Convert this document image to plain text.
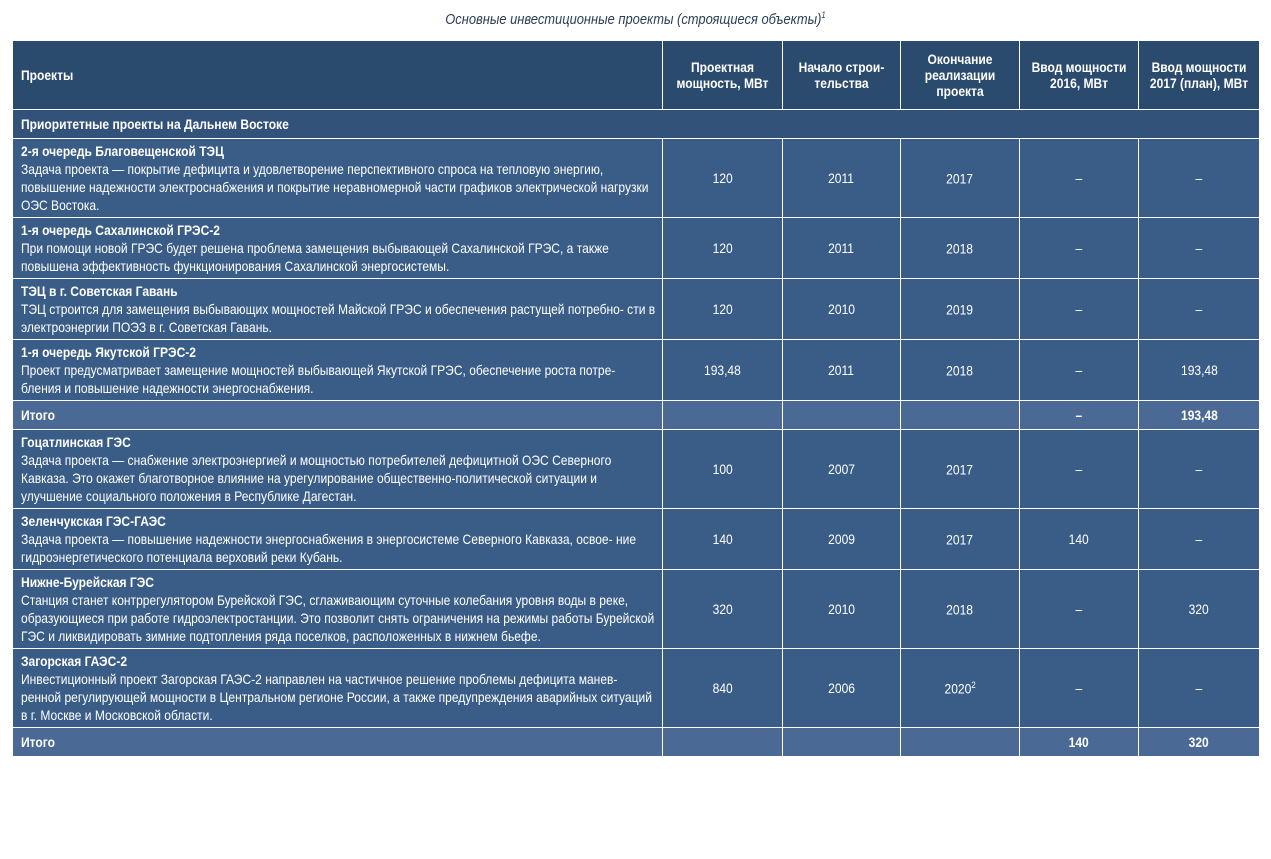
Основные инвестиционные проекты (строящиеся объекты)$^1$
Проекты	Проектная мощность, МВт	Начало строи- тельства	Окончание реализации проекта	Ввод мощности 2016, МВт	Ввод мощности 2017 (план), МВт
Приоритетные проекты на Дальнем Востоке					

2-я очередь Благовещенской ТЭЦ
Задача проекта — покрытие дефицита и удовлетворение перспективного спроса на тепловую энергию, повышение надежности электроснабжения и покрытие неравномерной части графиков электрической нагрузки ОЭС Востока.	120	2011	2017	–	–

1-я очередь Сахалинской ГРЭС-2
При помощи новой ГРЭС будет решена проблема замещения выбывающей Сахалинской ГРЭС, а также повышена эффективность функционирования Сахалинской энергосистемы.	120	2011	2018	–	–

ТЭЦ в г. Советская Гавань
ТЭЦ строится для замещения выбывающих мощностей Майской ГРЭС и обеспечения растущей потребно- сти в электроэнергии ПОЭЗ в г. Советская Гавань.	120	2010	2019	–	–

1-я очередь Якутской ГРЭС-2
Проект предусматривает замещение мощностей выбывающей Якутской ГРЭС, обеспечение роста потре- бления и повышение надежности энергоснабжения.	193,48	2011	2018	–	193,48
Итого				–	193,48

Гоцатлинская ГЭС
Задача проекта — снабжение электроэнергией и мощностью потребителей дефицитной ОЭС Северного Кавказа. Это окажет благотворное влияние на урегулирование общественно-политической ситуации и улучшение социального положения в Республике Дагестан.	100	2007	2017	–	–

Зеленчукская ГЭС-ГАЭС
Задача проекта — повышение надежности энергоснабжения в энергосистеме Северного Кавказа, освое- ние гидроэнергетического потенциала верховий реки Кубань.	140	2009	2017	140	–

Нижне-Бурейская ГЭС
Станция станет контррегулятором Бурейской ГЭС, сглаживающим суточные колебания уровня воды в реке, образующиеся при работе гидроэлектростанции. Это позволит снять ограничения на режимы работы Бурейской ГЭС и ликвидировать зимние подтопления ряда поселков, расположенных в нижнем бьефе.	320	2010	2018	–	320

Загорская ГАЭС-2
Инвестиционный проект Загорская ГАЭС-2 направлен на частичное решение проблемы дефицита манев- ренной регулирующей мощности в Центральном регионе России, а также предупреждения аварийных ситуаций в г. Москве и Московской области.	840	2006	2020$^2$	–	–
Итого				140	320
